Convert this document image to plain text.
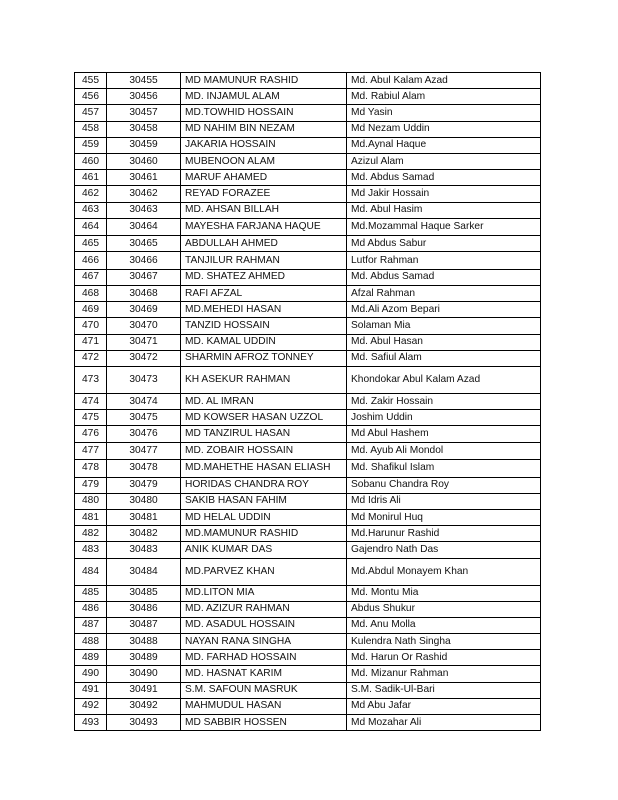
455	30455	MD MAMUNUR RASHID	Md. Abul Kalam Azad
456	30456	MD. INJAMUL ALAM	Md. Rabiul Alam
457	30457	MD.TOWHID HOSSAIN	Md Yasin
458	30458	MD NAHIM BIN NEZAM	Md Nezam Uddin
459	30459	JAKARIA HOSSAIN	Md.Aynal Haque
460	30460	MUBENOON ALAM	Azizul Alam
461	30461	MARUF AHAMED	Md. Abdus Samad
462	30462	REYAD FORAZEE	Md Jakir Hossain
463	30463	MD. AHSAN BILLAH	Md. Abul Hasim
464	30464	MAYESHA FARJANA HAQUE	Md.Mozammal Haque Sarker
465	30465	ABDULLAH AHMED	Md Abdus Sabur
466	30466	TANJILUR RAHMAN	Lutfor Rahman
467	30467	MD. SHATEZ AHMED	Md. Abdus Samad
468	30468	RAFI AFZAL	Afzal Rahman
469	30469	MD.MEHEDI HASAN	Md.Ali Azom Bepari
470	30470	TANZID HOSSAIN	Solaman Mia
471	30471	MD. KAMAL UDDIN	Md. Abul Hasan
472	30472	SHARMIN AFROZ TONNEY	Md. Safiul Alam
473	30473	KH ASEKUR RAHMAN	Khondokar Abul Kalam Azad
474	30474	MD. AL IMRAN	Md. Zakir Hossain
475	30475	MD KOWSER HASAN UZZOL	Joshim Uddin
476	30476	MD TANZIRUL HASAN	Md Abul Hashem
477	30477	MD. ZOBAIR HOSSAIN	Md. Ayub Ali Mondol
478	30478	MD.MAHETHE HASAN ELIASH	Md. Shafikul Islam
479	30479	HORIDAS CHANDRA ROY	Sobanu Chandra Roy
480	30480	SAKIB HASAN FAHIM	Md Idris Ali
481	30481	MD HELAL UDDIN	Md Monirul Huq
482	30482	MD.MAMUNUR RASHID	Md.Harunur Rashid
483	30483	ANIK KUMAR DAS	Gajendro Nath Das
484	30484	MD.PARVEZ KHAN	Md.Abdul Monayem Khan
485	30485	MD.LITON MIA	Md. Montu Mia
486	30486	MD. AZIZUR RAHMAN	Abdus Shukur
487	30487	MD. ASADUL HOSSAIN	Md. Anu Molla
488	30488	NAYAN RANA SINGHA	Kulendra Nath Singha
489	30489	MD. FARHAD HOSSAIN	Md. Harun Or Rashid
490	30490	MD. HASNAT KARIM	Md. Mizanur Rahman
491	30491	S.M. SAFOUN MASRUK	S.M. Sadik-Ul-Bari
492	30492	MAHMUDUL HASAN	Md Abu Jafar
493	30493	MD SABBIR HOSSEN	Md Mozahar Ali
